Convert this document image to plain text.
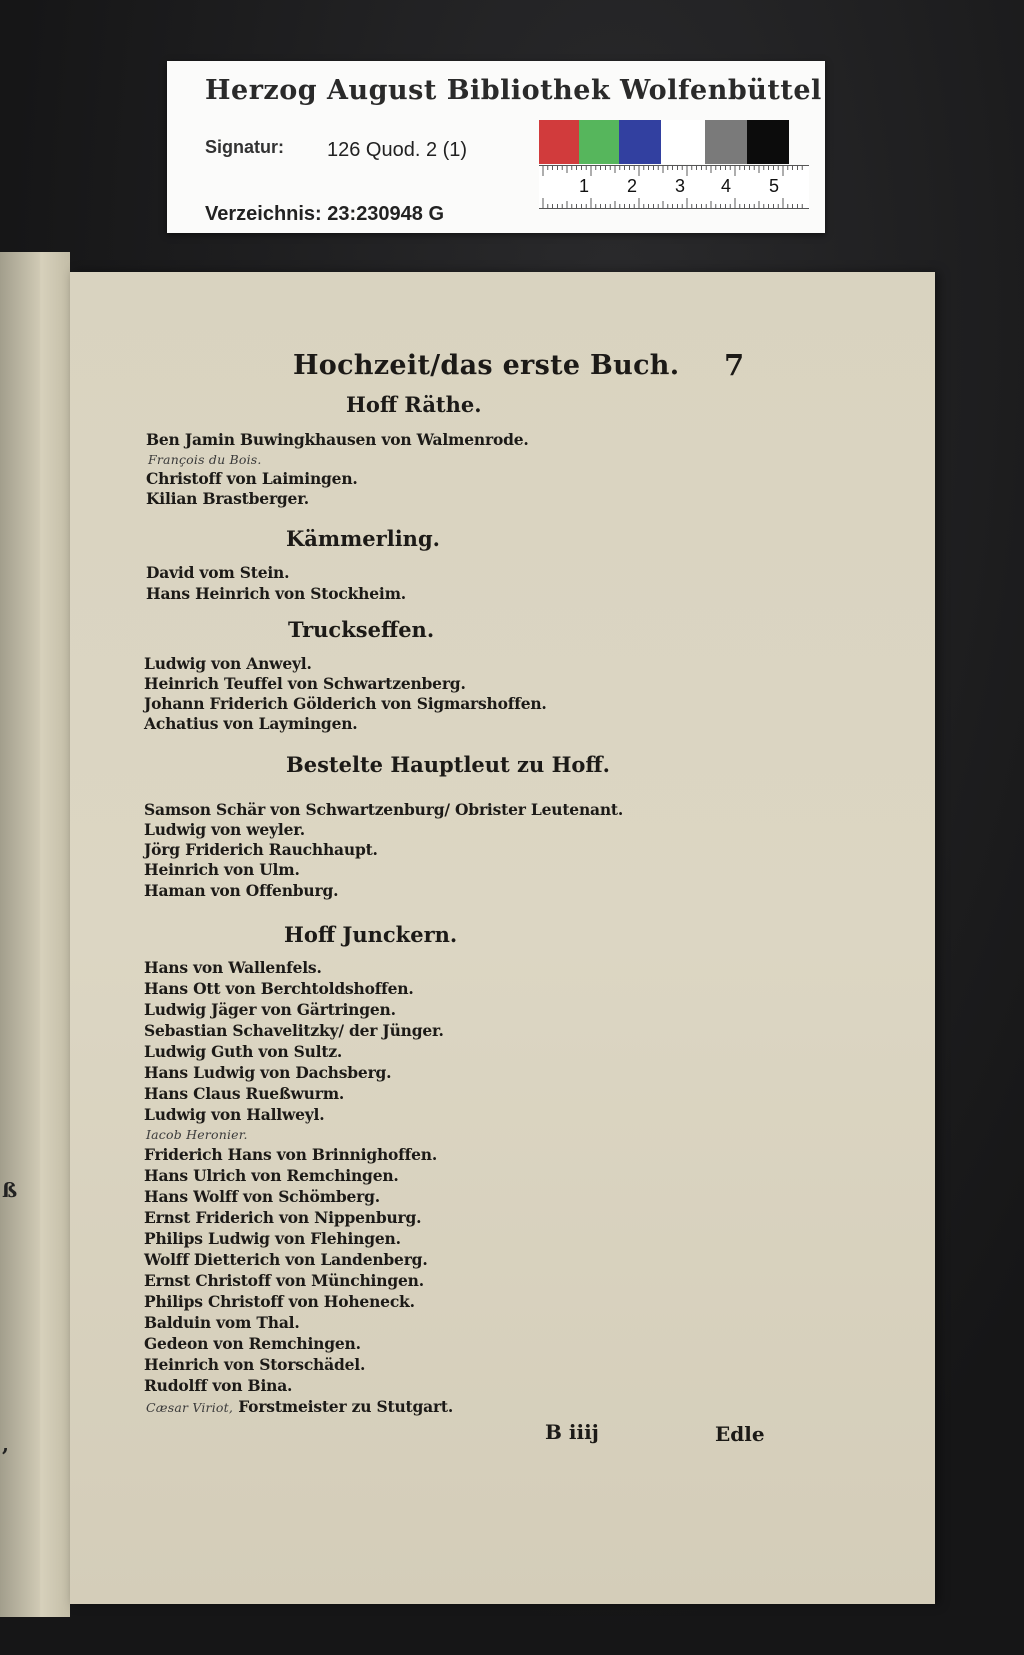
Herzog August Bibliothek Wolfenbüttel
Signatur: 126 Quod. 2 (1)
Verzeichnis: 23:230948 G
1 2 3 4 5
ß
,
Hochzeit/das erste Buch. 7
Hoff Räthe.
Ben Jamin Buwingkhausen von Walmenrode.
François du Bois.
Christoff von Laimingen.
Kilian Brastberger.
Kämmerling.
David vom Stein.
Hans Heinrich von Stockheim.
Truckseffen.
Ludwig von Anweyl.
Heinrich Teuffel von Schwartzenberg.
Johann Friderich Gölderich von Sigmarshoffen.
Achatius von Laymingen.
Bestelte Hauptleut zu Hoff.
Samson Schär von Schwartzenburg/ Obrister Leutenant.
Ludwig von weyler.
Jörg Friderich Rauchhaupt.
Heinrich von Ulm.
Haman von Offenburg.
Hoff Junckern.
Hans von Wallenfels.
Hans Ott von Berchtoldshoffen.
Ludwig Jäger von Gärtringen.
Sebastian Schavelitzky/ der Jünger.
Ludwig Guth von Sultz.
Hans Ludwig von Dachsberg.
Hans Claus Rueßwurm.
Ludwig von Hallweyl.
Iacob Heronier.
Friderich Hans von Brinnighoffen.
Hans Ulrich von Remchingen.
Hans Wolff von Schömberg.
Ernst Friderich von Nippenburg.
Philips Ludwig von Flehingen.
Wolff Dietterich von Landenberg.
Ernst Christoff von Münchingen.
Philips Christoff von Hoheneck.
Balduin vom Thal.
Gedeon von Remchingen.
Heinrich von Storschädel.
Rudolff von Bina.
Cæsar Viriot, Forstmeister zu Stutgart.
B iiij	Edle
